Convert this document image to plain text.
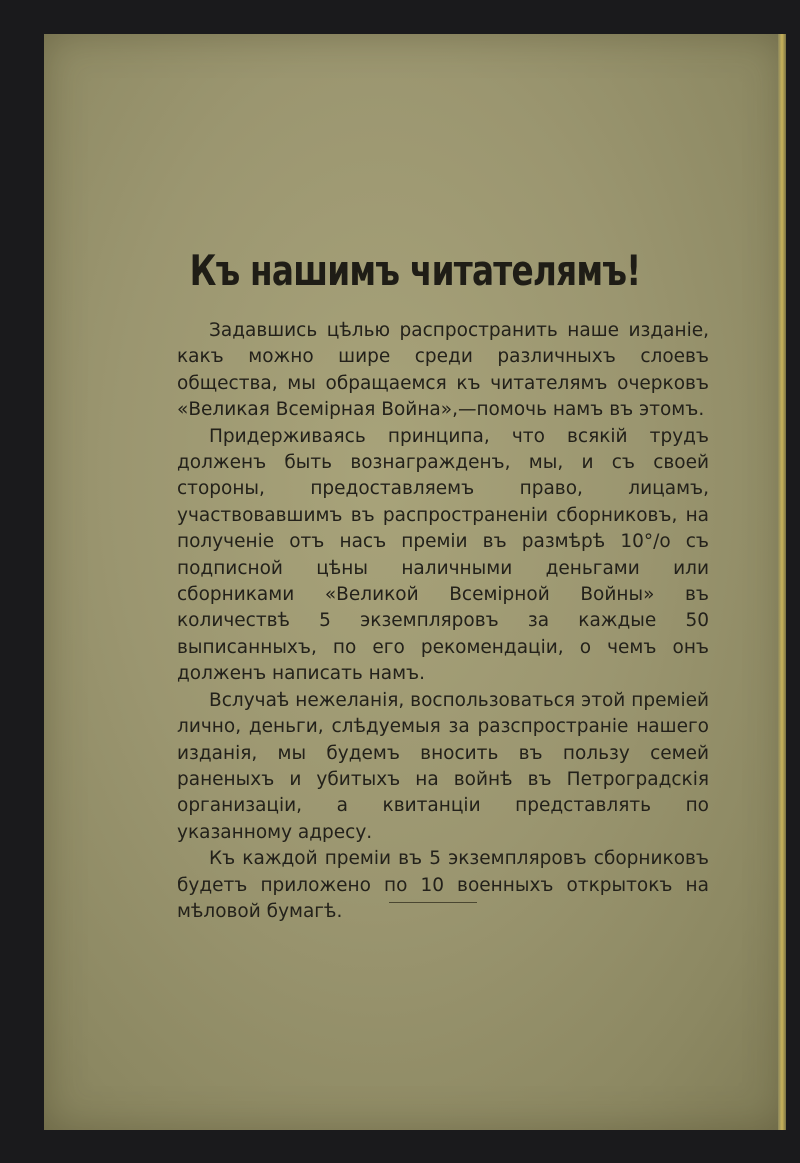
Къ нашимъ читателямъ!

Задавшись цѣлью распространить наше изданіе, какъ можно шире среди различныхъ слоевъ общества, мы обращаемся къ читателямъ очерковъ «Великая Всемірная Война»,—помочь намъ въ этомъ.

Придерживаясь принципа, что всякій трудъ долженъ быть вознагражденъ, мы, и съ своей стороны, предоставляемъ право, лицамъ, участвовавшимъ въ распространеніи сборниковъ, на полученіе отъ насъ преміи въ размѣрѣ 10°/о съ подписной цѣны наличными деньгами или сборниками «Великой Всемірной Войны» въ количествѣ 5 экземпляровъ за каждые 50 выписанныхъ, по его рекомендаціи, о чемъ онъ долженъ написать намъ.

Вслучаѣ нежеланія, воспользоваться этой преміей лично, деньги, слѣдуемыя за разспространіе нашего изданія, мы будемъ вносить въ пользу семей раненыхъ и убитыхъ на войнѣ въ Петроградскія организаціи, а квитанціи представлять по указанному адресу.

Къ каждой преміи въ 5 экземпляровъ сборниковъ будетъ приложено по 10 военныхъ открытокъ на мѣловой бумагѣ.
